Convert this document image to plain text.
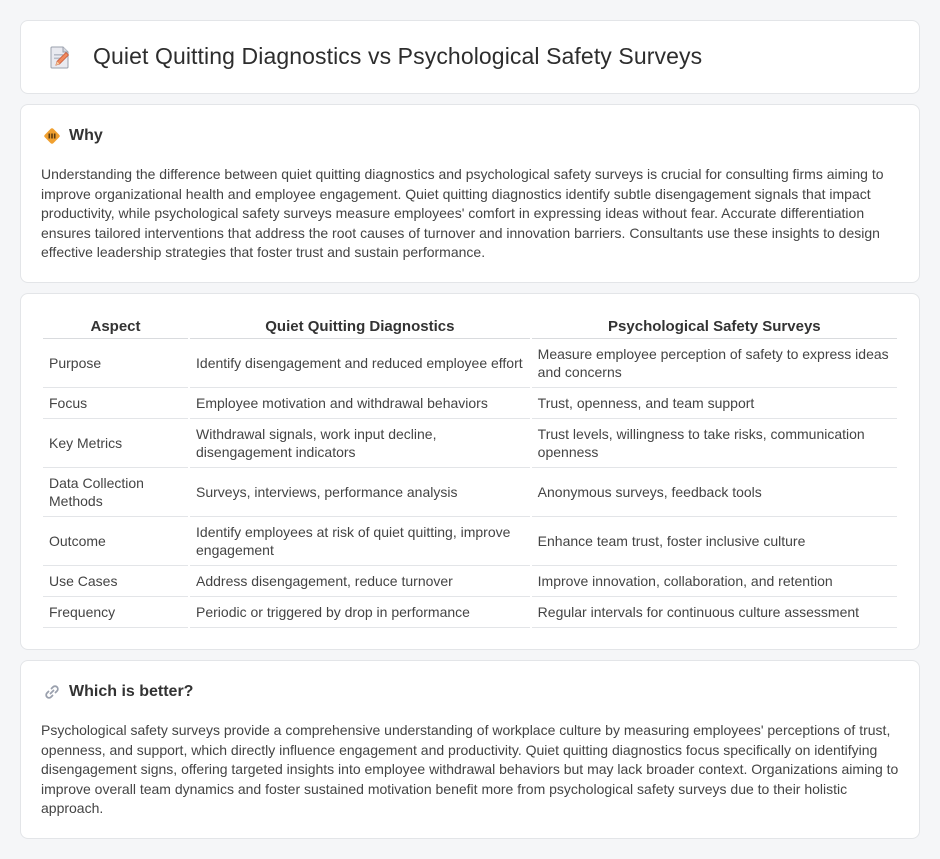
Quiet Quitting Diagnostics vs Psychological Safety Surveys
Why

Understanding the difference between quiet quitting diagnostics and psychological safety surveys is crucial for consulting firms aiming to improve organizational health and employee engagement. Quiet quitting diagnostics identify subtle disengagement signals that impact productivity, while psychological safety surveys measure employees' comfort in expressing ideas without fear. Accurate differentiation ensures tailored interventions that address the root causes of turnover and innovation barriers. Consultants use these insights to design effective leadership strategies that foster trust and sustain performance.

Aspect	Quiet Quitting Diagnostics	Psychological Safety Surveys
Purpose	Identify disengagement and reduced employee effort	Measure employee perception of safety to express ideas and concerns
Focus	Employee motivation and withdrawal behaviors	Trust, openness, and team support
Key Metrics	Withdrawal signals, work input decline, disengagement indicators	Trust levels, willingness to take risks, communication openness
Data Collection Methods	Surveys, interviews, performance analysis	Anonymous surveys, feedback tools
Outcome	Identify employees at risk of quiet quitting, improve engagement	Enhance team trust, foster inclusive culture
Use Cases	Address disengagement, reduce turnover	Improve innovation, collaboration, and retention
Frequency	Periodic or triggered by drop in performance	Regular intervals for continuous culture assessment
Which is better?

Psychological safety surveys provide a comprehensive understanding of workplace culture by measuring employees' perceptions of trust, openness, and support, which directly influence engagement and productivity. Quiet quitting diagnostics focus specifically on identifying disengagement signs, offering targeted insights into employee withdrawal behaviors but may lack broader context. Organizations aiming to improve overall team dynamics and foster sustained motivation benefit more from psychological safety surveys due to their holistic approach.
